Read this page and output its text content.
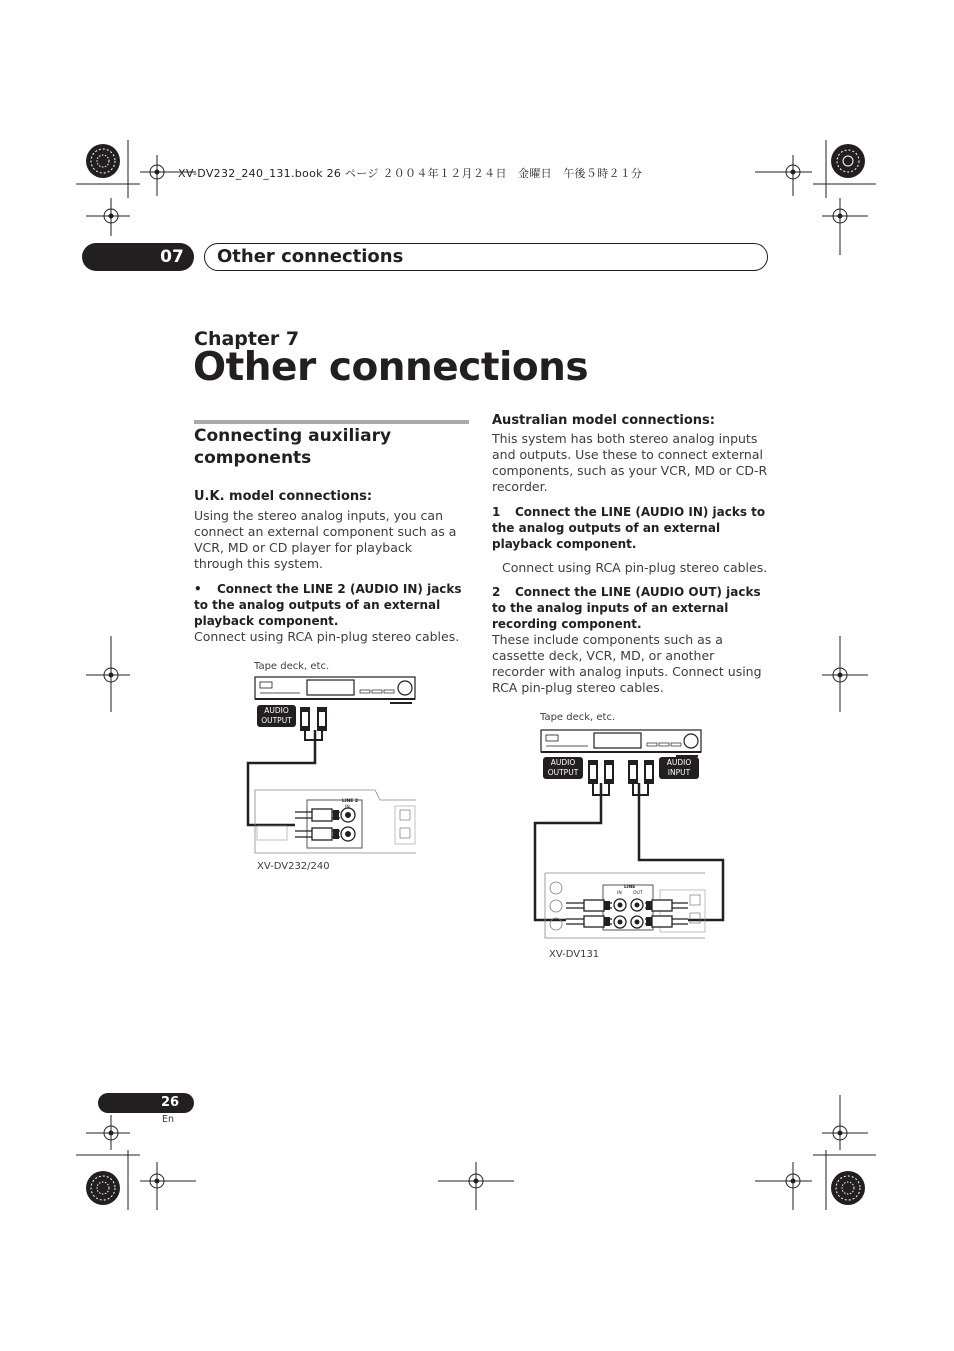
XV-DV232_240_131.book 26 ページ ２００４年１２月２４日　金曜日　午後５時２１分
07	Other connections
Chapter 7
Other connections
Connecting auxiliary
components
U.K. model connections:
Using the stereo analog inputs, you can connect an external component such as a VCR, MD or CD player for playback through this system.
•	Connect the LINE 2 (AUDIO IN) jacks to the analog outputs of an external playback component.
Connect using RCA pin-plug stereo cables.
Tape deck, etc.
AUDIO
OUTPUT
LINE 2
IN
XV-DV232/240
Australian model connections:
This system has both stereo analog inputs and outputs. Use these to connect external components, such as your VCR, MD or CD-R recorder.
1	Connect the LINE (AUDIO IN) jacks to the analog outputs of an external playback component.
Connect using RCA pin-plug stereo cables.
2	Connect the LINE (AUDIO OUT) jacks to the analog inputs of an external recording component.
These include components such as a cassette deck, VCR, MD, or another recorder with analog inputs. Connect using RCA pin-plug stereo cables.
Tape deck, etc.
AUDIO
OUTPUT
AUDIO
INPUT
LINE
IN	OUT
XV-DV131
26
En
